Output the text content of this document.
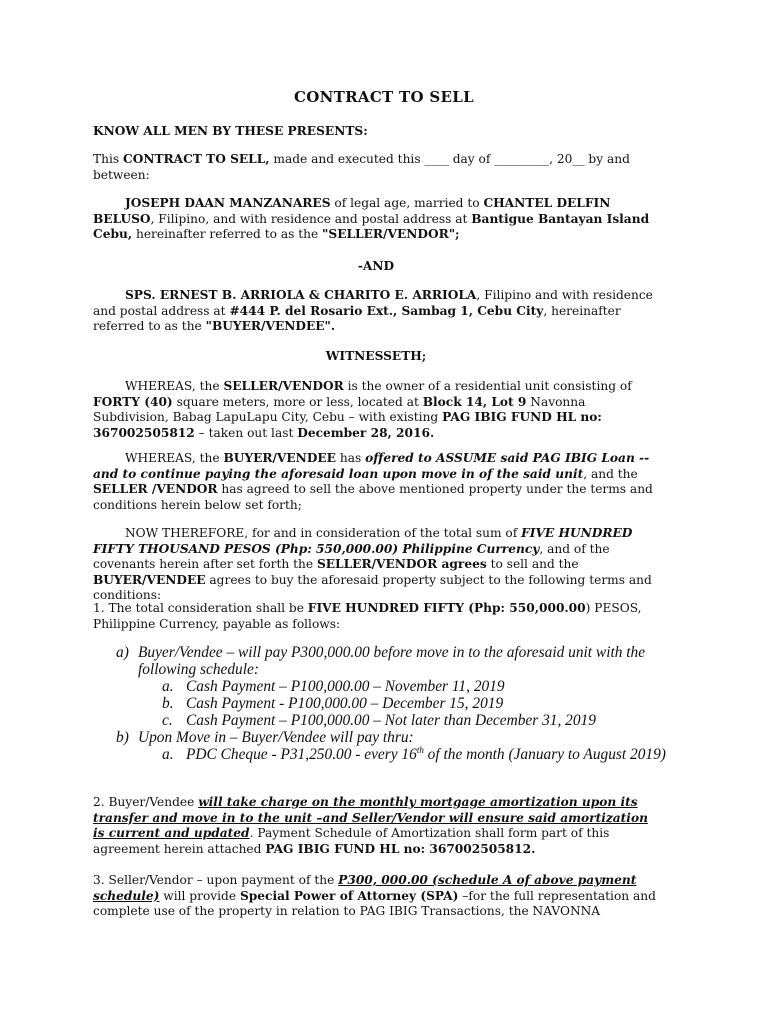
CONTRACT TO SELL

KNOW ALL MEN BY THESE PRESENTS:

This CONTRACT TO SELL, made and executed this ____ day of _________, 20__ by and between:

JOSEPH DAAN MANZANARES of legal age, married to CHANTEL DELFIN BELUSO, Filipino, and with residence and postal address at Bantigue Bantayan Island Cebu, hereinafter referred to as the "SELLER/VENDOR";

-AND

SPS. ERNEST B. ARRIOLA & CHARITO E. ARRIOLA, Filipino and with residence and postal address at #444 P. del Rosario Ext., Sambag 1, Cebu City, hereinafter referred to as the "BUYER/VENDEE".

WITNESSETH;

WHEREAS, the SELLER/VENDOR is the owner of a residential unit consisting of FORTY (40) square meters, more or less, located at Block 14, Lot 9 Navonna Subdivision, Babag LapuLapu City, Cebu – with existing PAG IBIG FUND HL no: 367002505812 – taken out last December 28, 2016.

WHEREAS, the BUYER/VENDEE has offered to ASSUME said PAG IBIG Loan -- and to continue paying the aforesaid loan upon move in of the said unit, and the SELLER /VENDOR has agreed to sell the above mentioned property under the terms and conditions herein below set forth;

NOW THEREFORE, for and in consideration of the total sum of FIVE HUNDRED FIFTY THOUSAND PESOS (Php: 550,000.00) Philippine Currency, and of the covenants herein after set forth the SELLER/VENDOR agrees to sell and the BUYER/VENDEE agrees to buy the aforesaid property subject to the following terms and conditions:

1. The total consideration shall be FIVE HUNDRED FIFTY (Php: 550,000.00) PESOS, Philippine Currency, payable as follows:

a) Buyer/Vendee – will pay P300,000.00 before move in to the aforesaid unit with the following schedule:
a. Cash Payment – P100,000.00 – November 11, 2019
b. Cash Payment - P100,000.00 – December 15, 2019
c. Cash Payment – P100,000.00 – Not later than December 31, 2019
b) Upon Move in – Buyer/Vendee will pay thru:
a. PDC Cheque - P31,250.00 - every 16th of the month (January to August 2019)

2. Buyer/Vendee will take charge on the monthly mortgage amortization upon its transfer and move in to the unit –and Seller/Vendor will ensure said amortization is current and updated. Payment Schedule of Amortization shall form part of this agreement herein attached PAG IBIG FUND HL no: 367002505812.

3. Seller/Vendor – upon payment of the P300, 000.00 (schedule A of above payment schedule) will provide Special Power of Attorney (SPA) –for the full representation and complete use of the property in relation to PAG IBIG Transactions, the NAVONNA
